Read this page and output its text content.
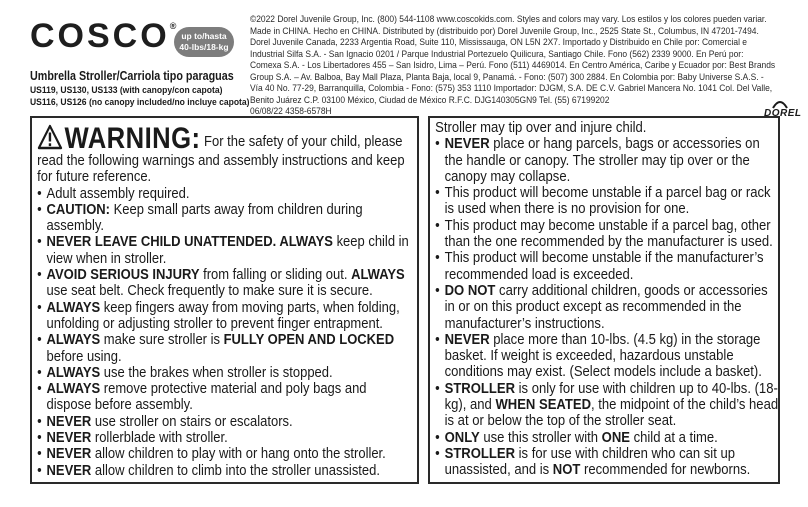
COSCO®
up to/hasta
40-lbs/18-kg
Umbrella Stroller/Carriola tipo paraguas
US119, US130, US133 (with canopy/con capota)
US116, US126 (no canopy included/no incluye capota)
©2022 Dorel Juvenile Group, Inc. (800) 544-1108 www.coscokids.com. Styles and colors may vary. Los estilos y los colores pueden variar. Made in CHINA. Hecho en CHINA. Distributed by (distribuido por) Dorel Juvenile Group, Inc., 2525 State St., Columbus, IN 47201-7494. Dorel Juvenile Canada, 2233 Argentia Road, Suite 110, Mississauga, ON L5N 2X7. Importado y Distribuido en Chile por: Comercial e Industrial Silfa S.A. - San Ignacio 0201 / Parque Industrial Portezuelo Quilicura, Santiago Chile. Fono (562) 2339 9000. En Perú por: Comexa S.A. - Los Libertadores 455 – San Isidro, Lima – Perú. Fono (511) 4469014. En Centro América, Caribe y Ecuador por: Best Brands Group S.A. – Av. Balboa, Bay Mall Plaza, Planta Baja, local 9, Panamá. - Fono: (507) 300 2884. En Colombia por: Baby Universe S.A.S. - Vía 40 No. 77-29, Barranquilla, Colombia - Fono: (575) 353 1110 Importador: DJGM, S.A. DE C.V. Gabriel Mancera No. 1041 Col. Del Valle, Benito Juárez C.P. 03100 México, Ciudad de México R.F.C. DJG140305GN9 Tel. (55) 67199202
06/08/22 4358-6578H	DOREL
WARNING: For the safety of your child, please read the following warnings and assembly instructions and keep for future reference.
• Adult assembly required.
• CAUTION: Keep small parts away from children during assembly.
• NEVER LEAVE CHILD UNATTENDED. ALWAYS keep child in view when in stroller.
• AVOID SERIOUS INJURY from falling or sliding out. ALWAYS use seat belt. Check frequently to make sure it is secure.
• ALWAYS keep fingers away from moving parts, when folding, unfolding or adjusting stroller to prevent finger entrapment.
• ALWAYS make sure stroller is FULLY OPEN AND LOCKED before using.
• ALWAYS use the brakes when stroller is stopped.
• ALWAYS remove protective material and poly bags and dispose before assembly.
• NEVER use stroller on stairs or escalators.
• NEVER rollerblade with stroller.
• NEVER allow children to play with or hang onto the stroller.
• NEVER allow children to climb into the stroller unassisted.
Stroller may tip over and injure child.
• NEVER place or hang parcels, bags or accessories on the handle or canopy. The stroller may tip over or the canopy may collapse.
• This product will become unstable if a parcel bag or rack is used when there is no provision for one.
• This product may become unstable if a parcel bag, other than the one recommended by the manufacturer is used.
• This product will become unstable if the manufacturer’s recommended load is exceeded.
• DO NOT carry additional children, goods or accessories in or on this product except as recommended in the manufacturer’s instructions.
• NEVER place more than 10-lbs. (4.5 kg) in the storage basket. If weight is exceeded, hazardous unstable conditions may exist. (Select models include a basket).
• STROLLER is only for use with children up to 40-lbs. (18-kg), and WHEN SEATED, the midpoint of the child’s head is at or below the top of the stroller seat.
• ONLY use this stroller with ONE child at a time.
• STROLLER is for use with children who can sit up unassisted, and is NOT recommended for newborns.
